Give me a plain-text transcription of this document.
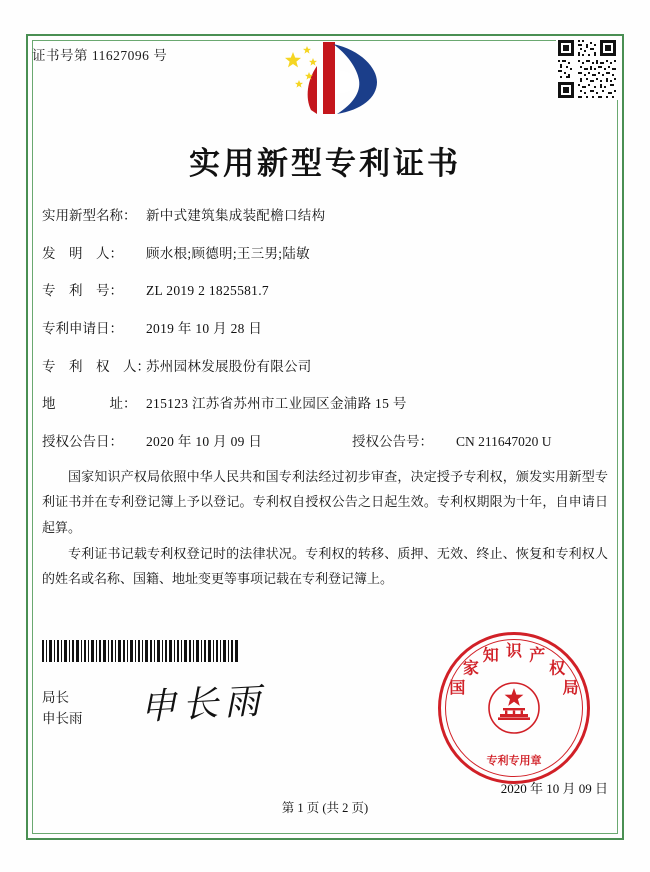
证书号第 11627096 号
实用新型专利证书
实用新型名称： 新中式建筑集成装配檐口结构
发　明　人：	顾水根;顾德明;王三男;陆敏
专　利　号：	ZL 2019 2 1825581.7
专利申请日：	2019 年 10 月 28 日
专　利　权　人：
苏州园林发展股份有限公司
地　　　　址： 215123 江苏省苏州市工业园区金浦路 15 号
授权公告日：	2020 年 10 月 09 日	授权公告号：	CN 211647020 U

国家知识产权局依照中华人民共和国专利法经过初步审查，决定授予专利权，颁发实用新型专利证书并在专利登记簿上予以登记。专利权自授权公告之日起生效。专利权期限为十年，自申请日起算。

专利证书记载专利权登记时的法律状况。专利权的转移、质押、无效、终止、恢复和专利权人的姓名或名称、国籍、地址变更等事项记载在专利登记簿上。

申长雨
局长
申长雨
国
家
知 识 产
权
局
专利专用章
2020 年 10 月 09 日
第 1 页 (共 2 页)
